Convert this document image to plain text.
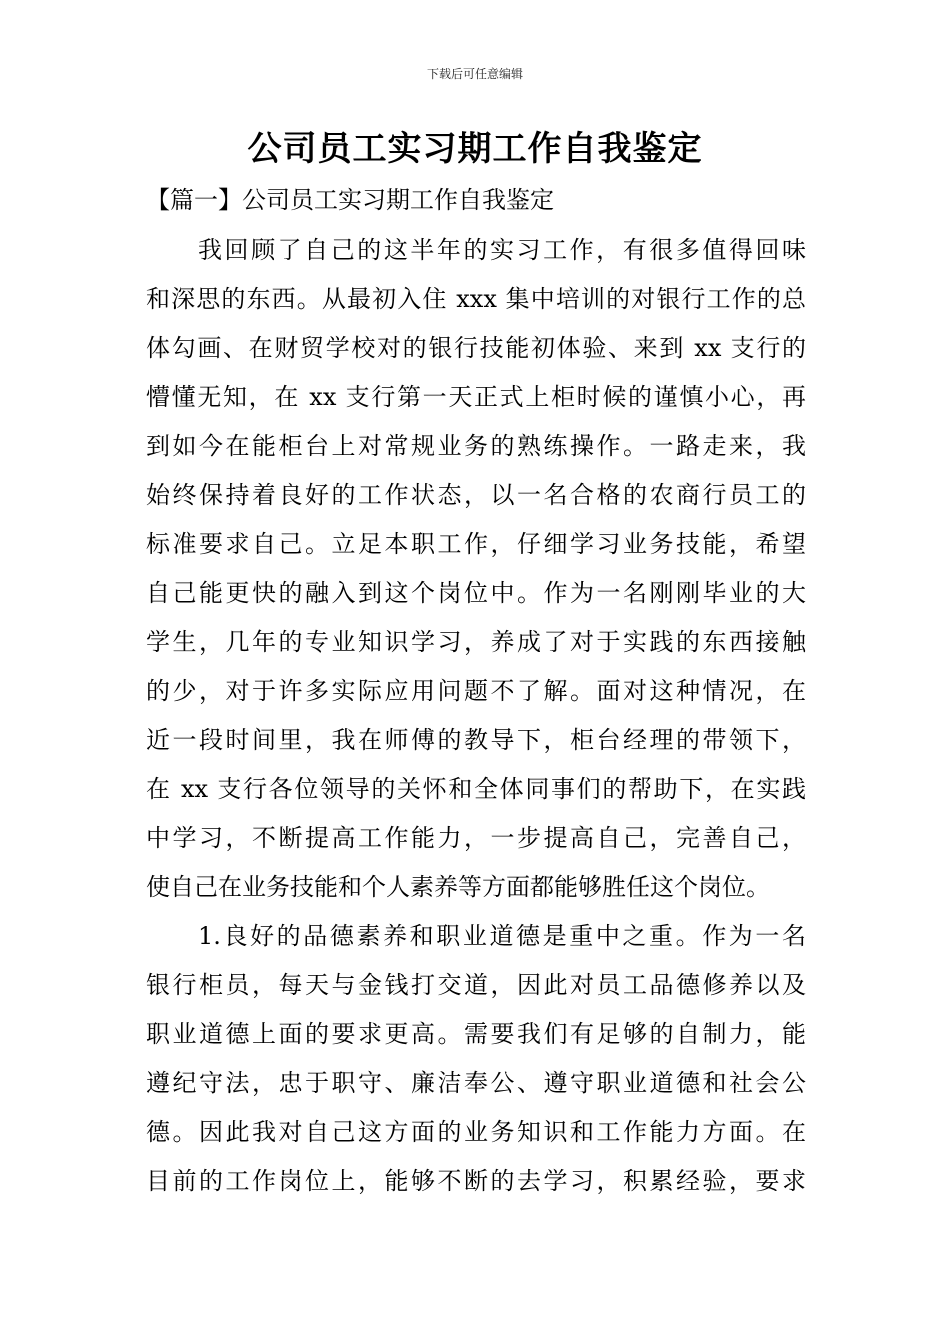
下载后可任意编辑
公司员工实习期工作自我鉴定
【篇一】公司员工实习期工作自我鉴定
我回顾了自己的这半年的实习工作，有很多值得回味
和深思的东西。从最初入住 xxx 集中培训的对银行工作的总
体勾画、在财贸学校对的银行技能初体验、来到 xx 支行的
懵懂无知，在 xx 支行第一天正式上柜时候的谨慎小心，再
到如今在能柜台上对常规业务的熟练操作。一路走来，我
始终保持着良好的工作状态，以一名合格的农商行员工的
标准要求自己。立足本职工作，仔细学习业务技能，希望
自己能更快的融入到这个岗位中。作为一名刚刚毕业的大
学生，几年的专业知识学习，养成了对于实践的东西接触
的少，对于许多实际应用问题不了解。面对这种情况，在
近一段时间里，我在师傅的教导下，柜台经理的带领下，
在 xx 支行各位领导的关怀和全体同事们的帮助下，在实践
中学习，不断提高工作能力，一步提高自己，完善自己，
使自己在业务技能和个人素养等方面都能够胜任这个岗位。
1.良好的品德素养和职业道德是重中之重。作为一名
银行柜员，每天与金钱打交道，因此对员工品德修养以及
职业道德上面的要求更高。需要我们有足够的自制力，能
遵纪守法，忠于职守、廉洁奉公、遵守职业道德和社会公
德。因此我对自己这方面的业务知识和工作能力方面。在
目前的工作岗位上，能够不断的去学习，积累经验，要求
